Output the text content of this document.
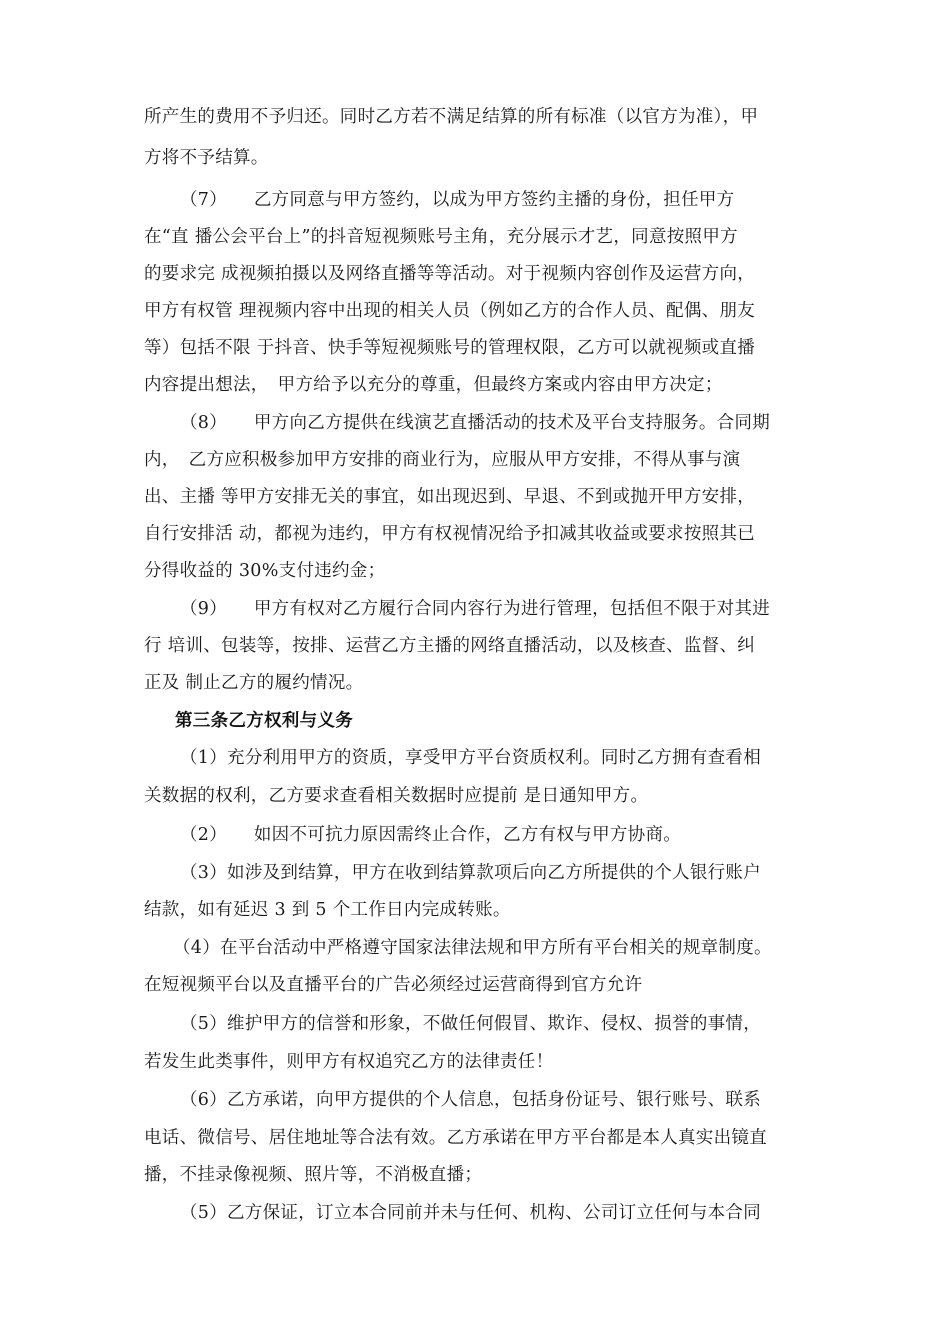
所产生的费用不予归还。同时乙方若不满足结算的所有标准（以官方为准），甲

方将不予结算。

（7）　　乙方同意与甲方签约，以成为甲方签约主播的身份，担任甲方

在“直 播公会平台上”的抖音短视频账号主角，充分展示才艺，同意按照甲方

的要求完 成视频拍摄以及网络直播等等活动。对于视频内容创作及运营方向，

甲方有权管 理视频内容中出现的相关人员（例如乙方的合作人员、配偶、朋友

等）包括不限 于抖音、快手等短视频账号的管理权限，乙方可以就视频或直播

内容提出想法，　甲方给予以充分的尊重，但最终方案或内容由甲方决定；

（8）　　甲方向乙方提供在线演艺直播活动的技术及平台支持服务。合同期

内，　乙方应积极参加甲方安排的商业行为，应服从甲方安排，不得从事与演

出、主播 等甲方安排无关的事宜，如出现迟到、早退、不到或抛开甲方安排，

自行安排活 动，都视为违约，甲方有权视情况给予扣减其收益或要求按照其已

分得收益的 30%支付违约金；

（9）　　甲方有权对乙方履行合同内容行为进行管理，包括但不限于对其进

行 培训、包装等，按排、运营乙方主播的网络直播活动，以及核查、监督、纠

正及 制止乙方的履约情况。

第三条乙方权利与义务

（1）充分利用甲方的资质，享受甲方平台资质权利。同时乙方拥有查看相

关数据的权利，乙方要求查看相关数据时应提前 是日通知甲方。

（2）　　如因不可抗力原因需终止合作，乙方有权与甲方协商。

（3）如涉及到结算，甲方在收到结算款项后向乙方所提供的个人银行账户

结款，如有延迟 3 到 5 个工作日内完成转账。

（4）在平台活动中严格遵守国家法律法规和甲方所有平台相关的规章制度。

在短视频平台以及直播平台的广告必须经过运营商得到官方允许

（5）维护甲方的信誉和形象，不做任何假冒、欺诈、侵权、损誉的事情，

若发生此类事件，则甲方有权追究乙方的法律责任！

（6）乙方承诺，向甲方提供的个人信息，包括身份证号、银行账号、联系

电话、微信号、居住地址等合法有效。乙方承诺在甲方平台都是本人真实出镜直

播，不挂录像视频、照片等，不消极直播；

（5）乙方保证，订立本合同前并未与任何、机构、公司订立任何与本合同
